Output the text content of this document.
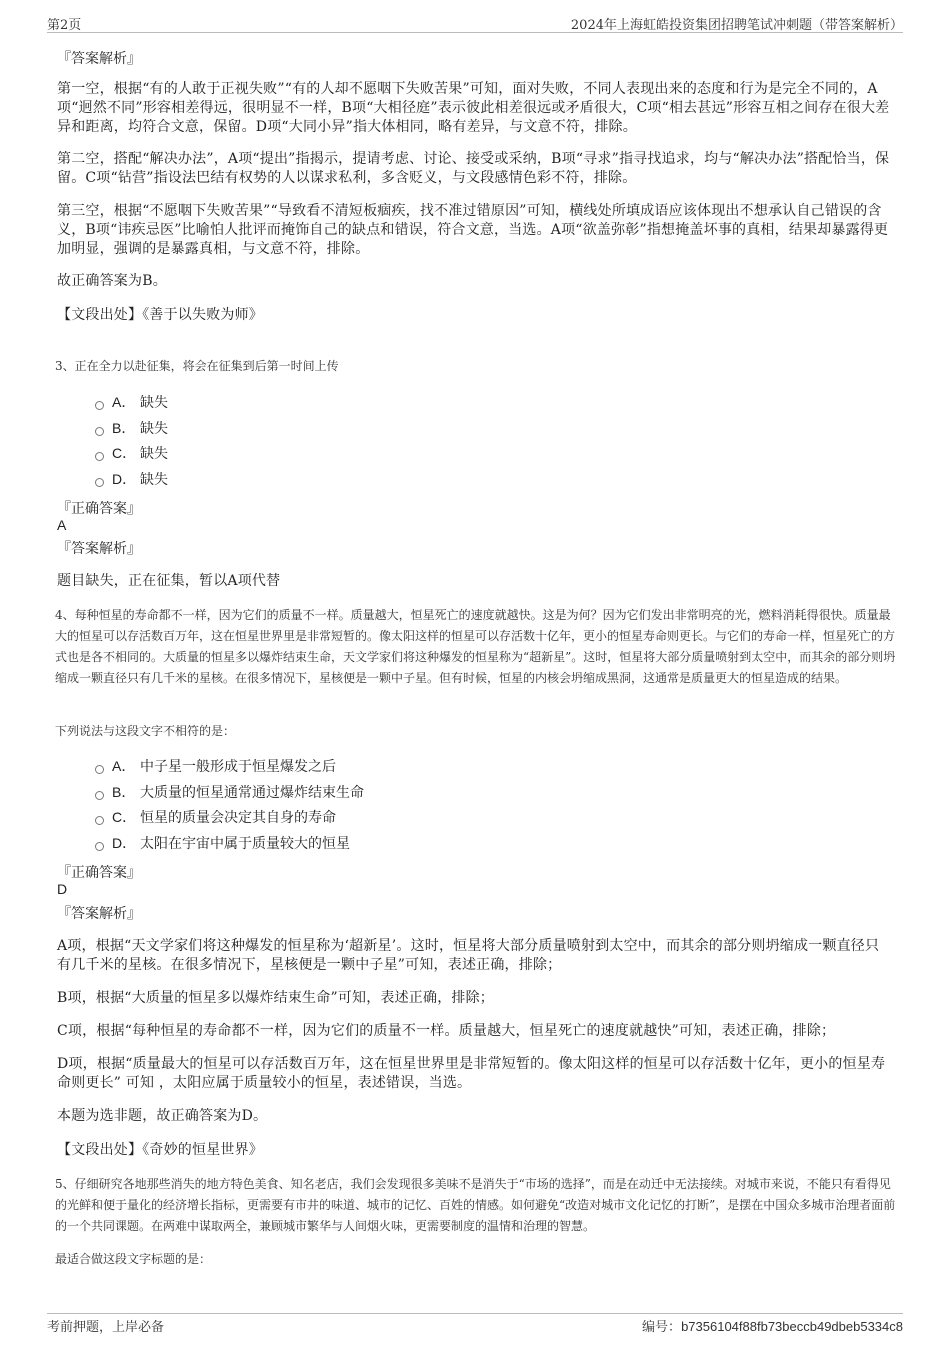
第2页	2024年上海虹皓投资集团招聘笔试冲刺题（带答案解析）
『答案解析』
第一空，根据“有的人敢于正视失败”“有的人却不愿咽下失败苦果”可知，面对失败，不同人表现出来的态度和行为是完全不同的，A项“迥然不同”形容相差得远，很明显不一样，B项“大相径庭”表示彼此相差很远或矛盾很大，C项“相去甚远”形容互相之间存在很大差异和距离，均符合文意，保留。D项“大同小异”指大体相同，略有差异，与文意不符，排除。
第二空，搭配“解决办法”，A项“提出”指揭示，提请考虑、讨论、接受或采纳，B项“寻求”指寻找追求，均与“解决办法”搭配恰当，保留。C项“钻营”指设法巴结有权势的人以谋求私利，多含贬义，与文段感情色彩不符，排除。
第三空，根据“不愿咽下失败苦果”“导致看不清短板痼疾，找不准过错原因”可知，横线处所填成语应该体现出不想承认自己错误的含义，B项“讳疾忌医”比喻怕人批评而掩饰自己的缺点和错误，符合文意，当选。A项“欲盖弥彰”指想掩盖坏事的真相，结果却暴露得更加明显，强调的是暴露真相，与文意不符，排除。
故正确答案为B。
【文段出处】《善于以失败为师》
3、正在全力以赴征集，将会在征集到后第一时间上传
A． 缺失
B． 缺失
C． 缺失
D． 缺失
『正确答案』
A
『答案解析』
题目缺失，正在征集，暂以A项代替
4、每种恒星的寿命都不一样，因为它们的质量不一样。质量越大，恒星死亡的速度就越快。这是为何？因为它们发出非常明亮的光，燃料消耗得很快。质量最大的恒星可以存活数百万年，这在恒星世界里是非常短暂的。像太阳这样的恒星可以存活数十亿年，更小的恒星寿命则更长。与它们的寿命一样，恒星死亡的方式也是各不相同的。大质量的恒星多以爆炸结束生命，天文学家们将这种爆发的恒星称为“超新星”。这时，恒星将大部分质量喷射到太空中，而其余的部分则坍缩成一颗直径只有几千米的星核。在很多情况下，星核便是一颗中子星。但有时候，恒星的内核会坍缩成黑洞，这通常是质量更大的恒星造成的结果。
下列说法与这段文字不相符的是：
A． 中子星一般形成于恒星爆发之后
B． 大质量的恒星通常通过爆炸结束生命
C． 恒星的质量会决定其自身的寿命
D． 太阳在宇宙中属于质量较大的恒星
『正确答案』
D
『答案解析』
A项，根据“天文学家们将这种爆发的恒星称为‘超新星’。这时，恒星将大部分质量喷射到太空中，而其余的部分则坍缩成一颗直径只有几千米的星核。在很多情况下，星核便是一颗中子星”可知，表述正确，排除；
B项，根据“大质量的恒星多以爆炸结束生命”可知，表述正确，排除；
C项，根据“每种恒星的寿命都不一样，因为它们的质量不一样。质量越大，恒星死亡的速度就越快”可知，表述正确，排除；
D项，根据“质量最大的恒星可以存活数百万年，这在恒星世界里是非常短暂的。像太阳这样的恒星可以存活数十亿年，更小的恒星寿命则更长” 可知 ，太阳应属于质量较小的恒星，表述错误，当选。
本题为选非题，故正确答案为D。
【文段出处】《奇妙的恒星世界》
5、仔细研究各地那些消失的地方特色美食、知名老店，我们会发现很多美味不是消失于“市场的选择”，而是在动迁中无法接续。对城市来说，不能只有看得见的光鲜和便于量化的经济增长指标，更需要有市井的味道、城市的记忆、百姓的情感。如何避免“改造对城市文化记忆的打断”，是摆在中国众多城市治理者面前的一个共同课题。在两难中谋取两全，兼顾城市繁华与人间烟火味，更需要制度的温情和治理的智慧。
最适合做这段文字标题的是：
考前押题，上岸必备	编号：b7356104f88fb73beccb49dbeb5334c8
